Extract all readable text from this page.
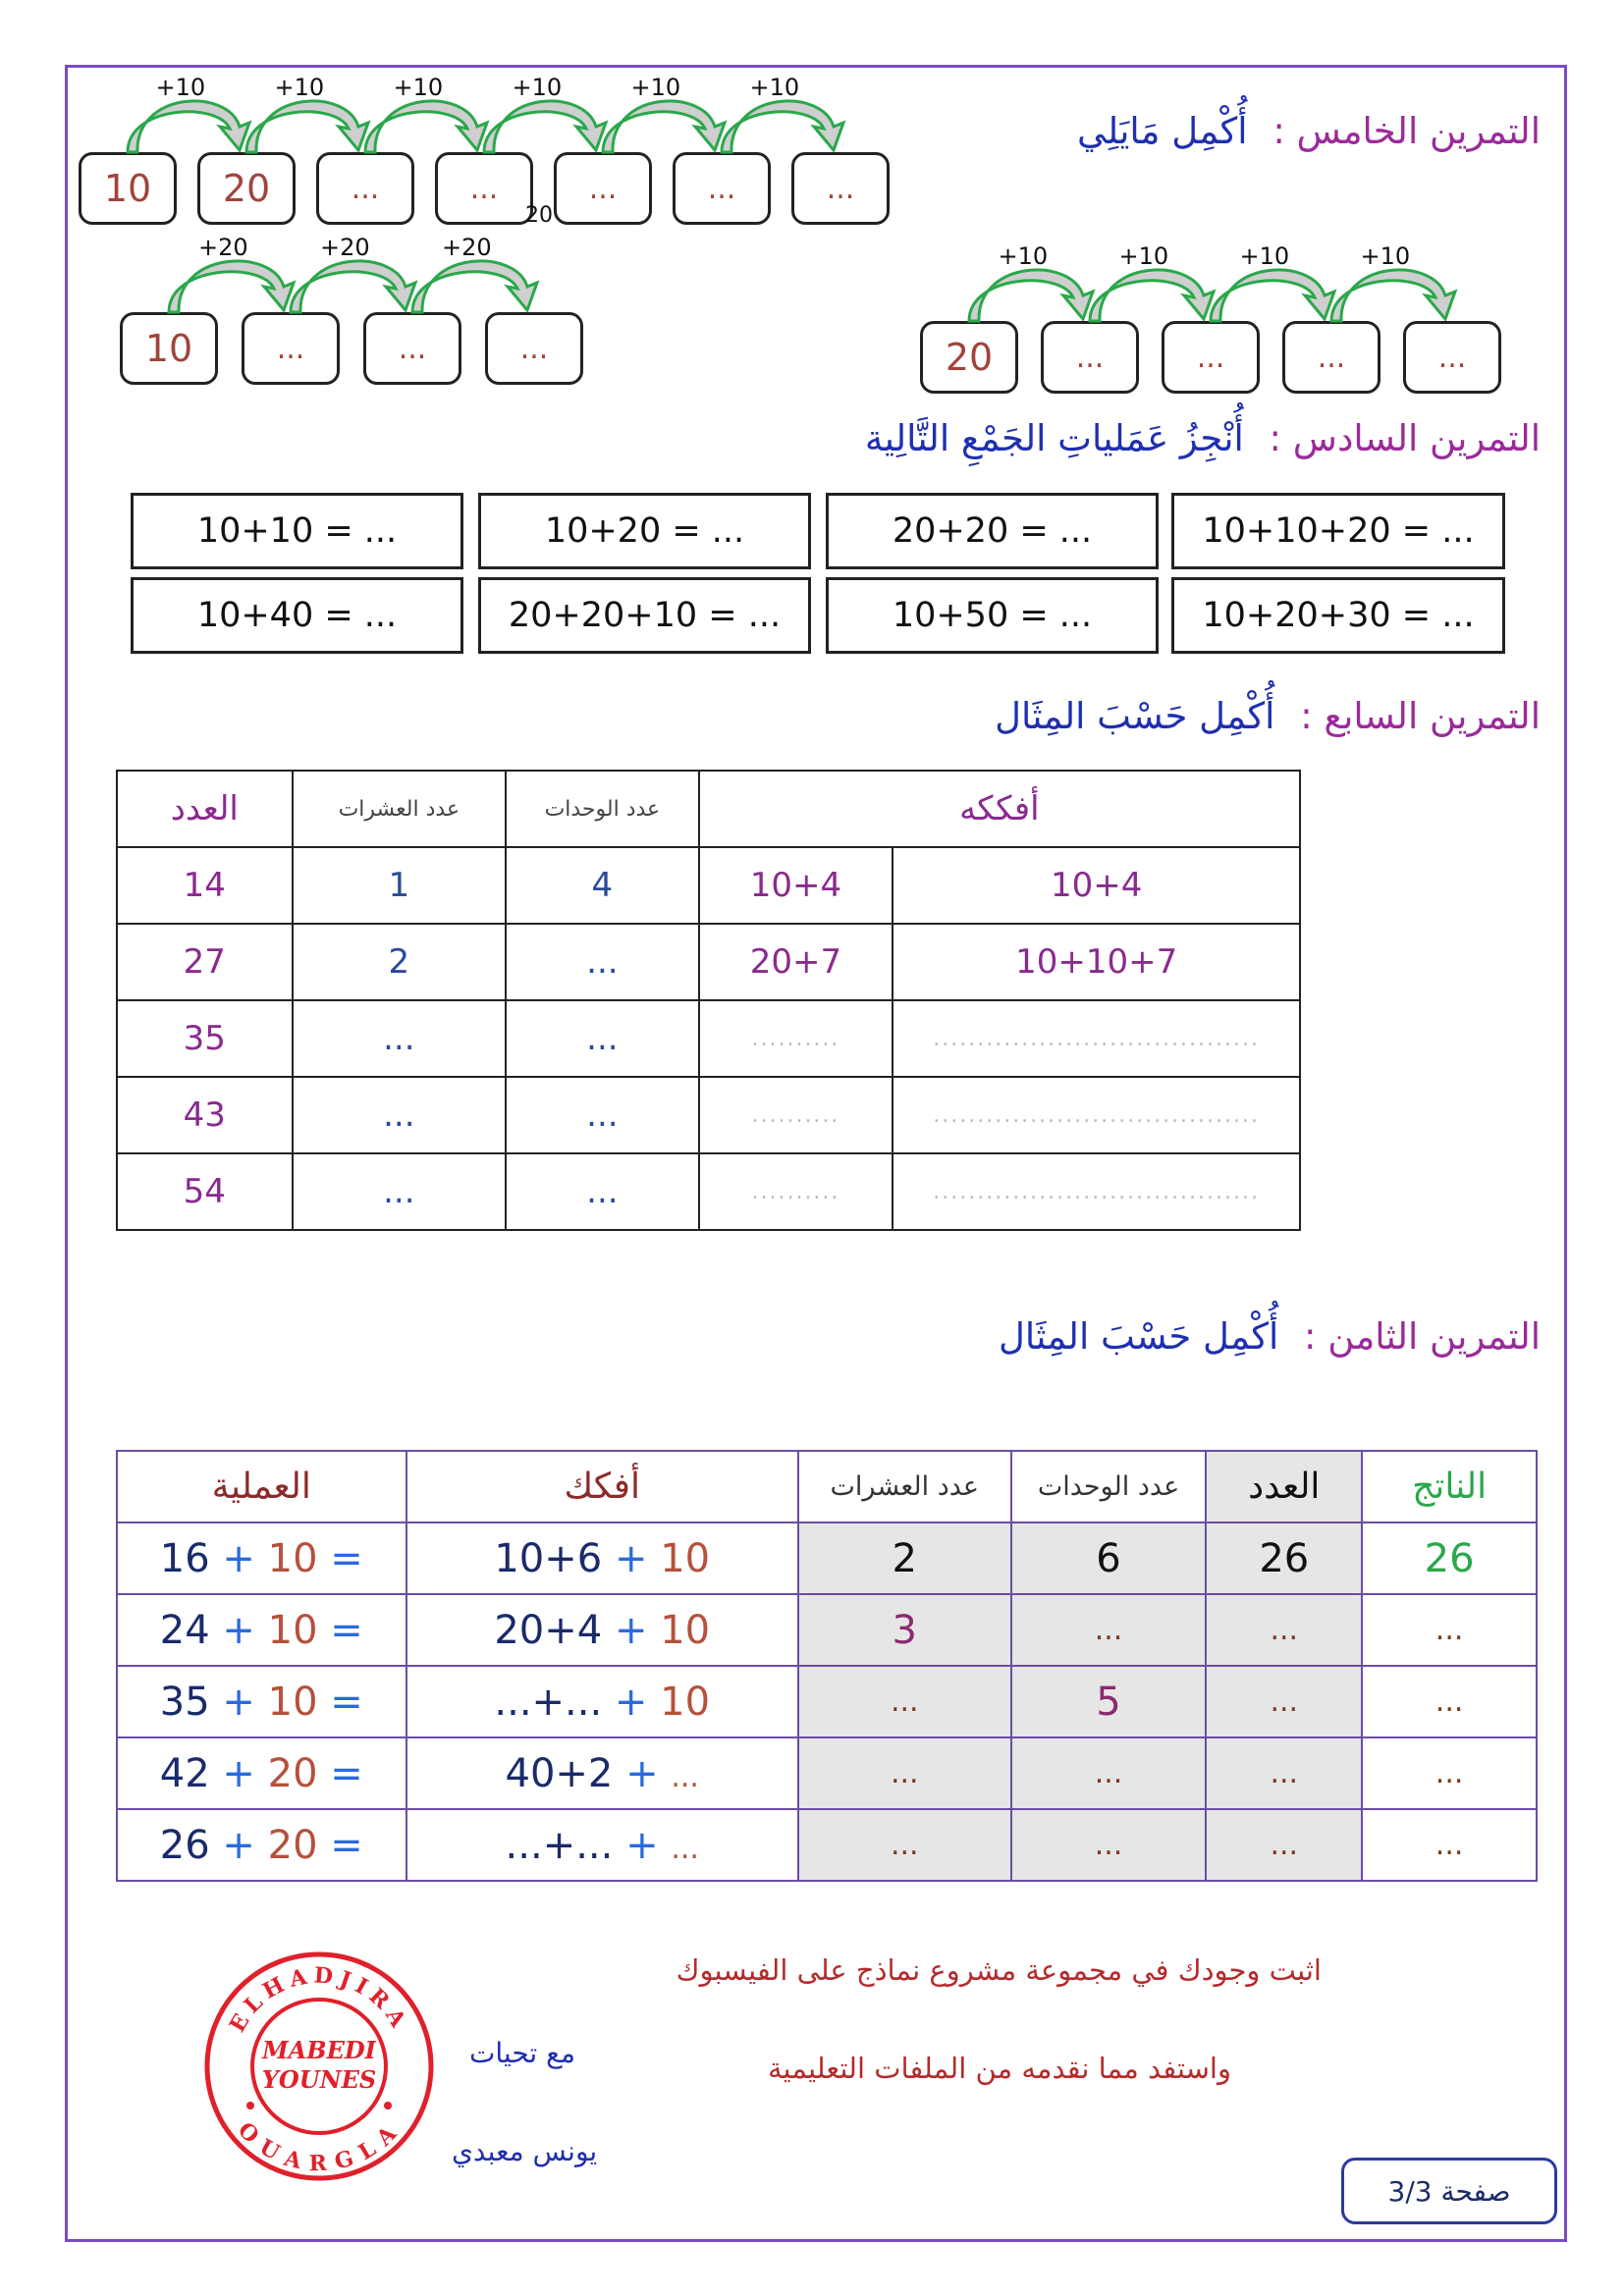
التمرين الخامس : أُكْمِل مَايَلِي
10
+10
20
+10
...
+10
...
+10
...
+10
...
+10
...
20
10
+20
...
+20
...
+20
...	20
+10
...
+10
...
+10
...
+10
...
التمرين السادس : أُنْجِزُ عَمَلياتِ الجَمْعِ التَّالِية
10+10+20 = ...
20+20 = ...
10+20 = ...
10+10 = ...
10+20+30 = ...
10+50 = ...
20+20+10 = ...
10+40 = ...
التمرين السابع : أُكْمِل حَسْبَ المِثَال
العدد	عدد العشرات	عدد الوحدات	أفككه	
14	1	4	10+4	10+4
27	2	...	20+7	10+10+7
35	...	...	..........	.....................................
43	...	...	..........	.....................................
54	...	...	..........	.....................................
التمرين الثامن : أُكْمِل حَسْبَ المِثَال
العملية	أفكك	عدد العشرات	عدد الوحدات	العدد	الناتج
16 + 10 =	10+6 + 10	2	6	26	26
24 + 10 =	20+4 + 10	3	...	...	...
35 + 10 =	...+... + 10	...	5	...	...
42 + 20 =	40+2 + ...	...	...	...	...
26 + 20 =	...+... + ...	...	...	...	...
اثبت وجودك في مجموعة مشروع نماذج على الفيسبوك
واستفد مما نقدمه من الملفات التعليمية
مع تحيات
يونس معبدي
صفحة 3/3
ELHADJIRA
OUARGLA
MABEDI
YOUNES
